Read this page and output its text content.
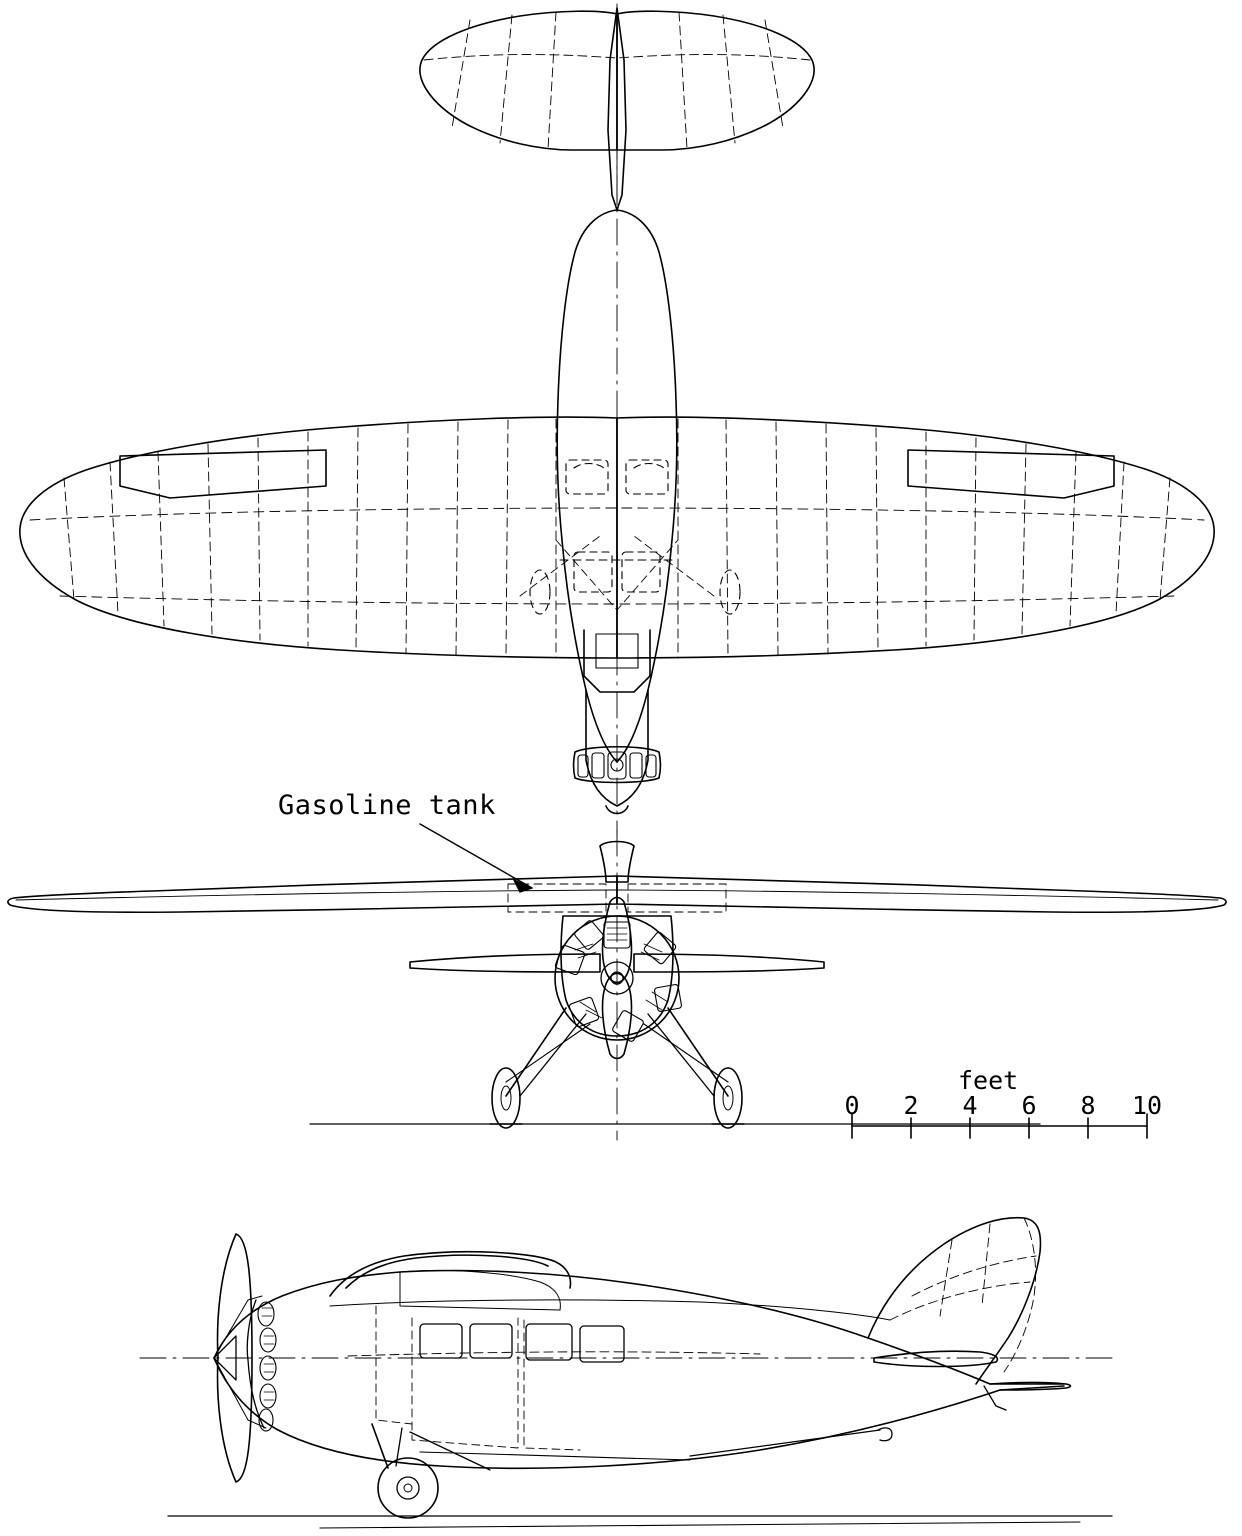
Gasoline tank
feet
0 2 4 6 8 10
